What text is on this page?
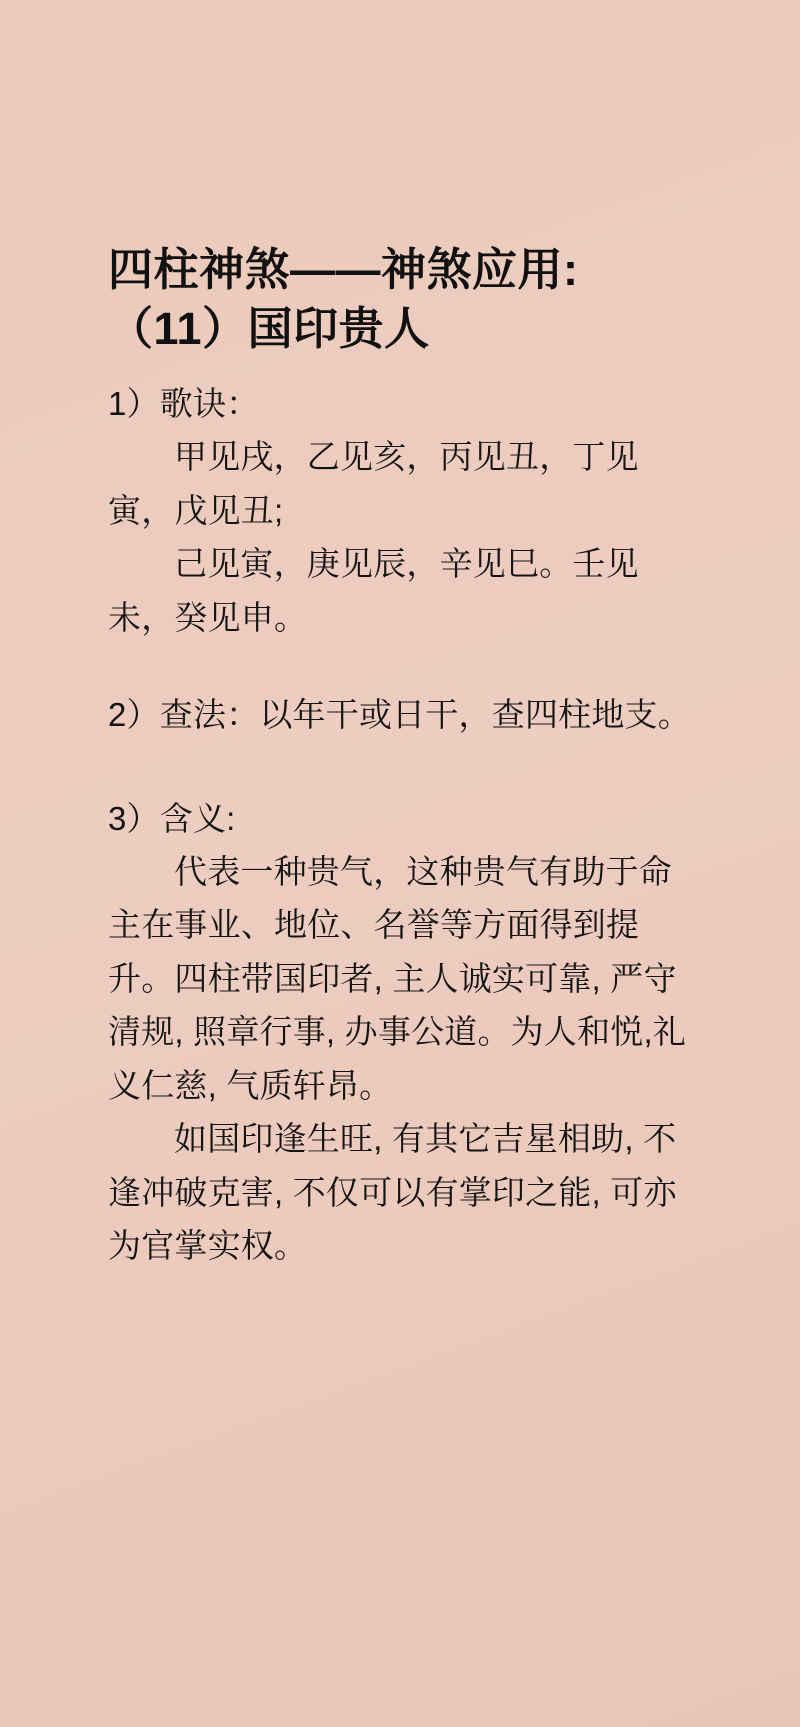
四柱神煞——神煞应用:
（11）国印贵人

1）歌诀：

甲见戌，乙见亥，丙见丑，丁见寅，戊见丑;

己见寅，庚见辰，辛见巳。壬见未，癸见申。

2）查法：以年干或日干，查四柱地支。

3）含义:

代表一种贵气，这种贵气有助于命主在事业、地位、名誉等方面得到提升。四柱带国印者, 主人诚实可靠, 严守清规, 照章行事, 办事公道。为人和悦,礼义仁慈, 气质轩昂。

如国印逢生旺, 有其它吉星相助, 不逢冲破克害, 不仅可以有掌印之能, 可亦为官掌实权。
